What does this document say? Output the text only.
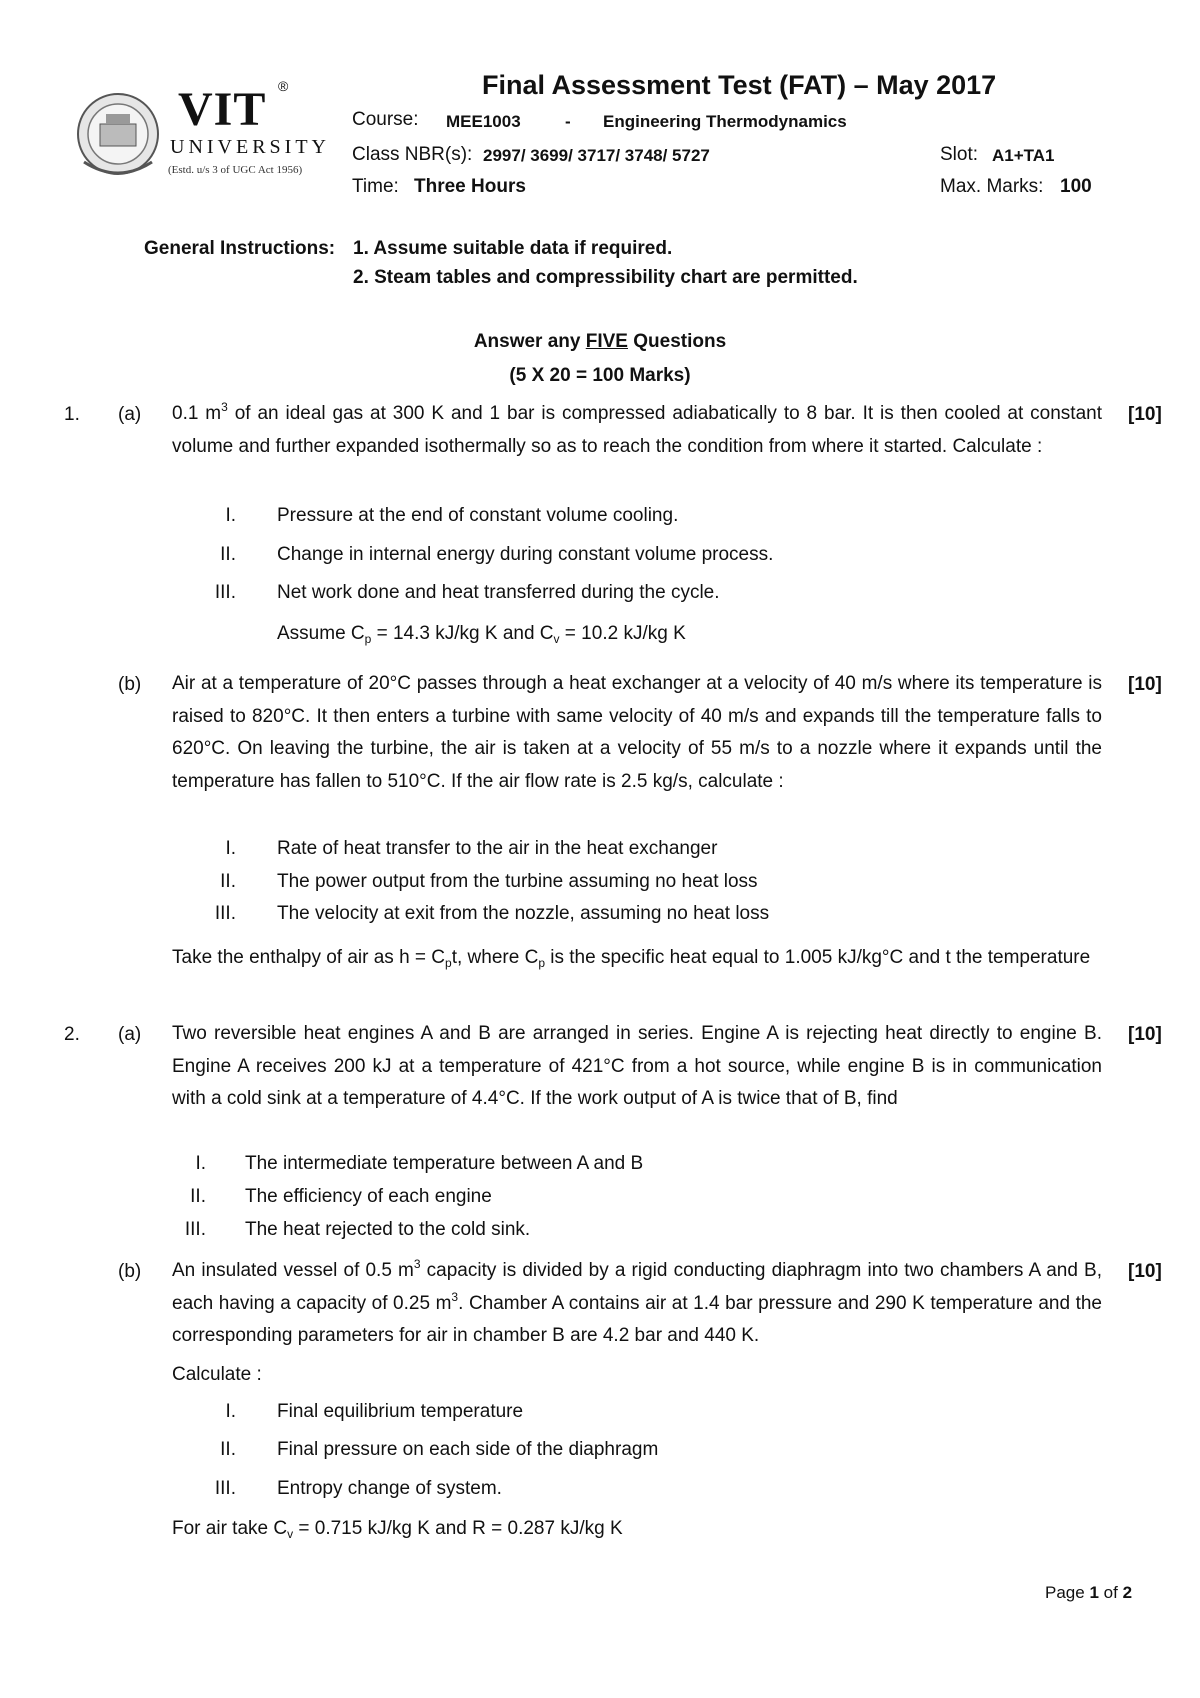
VIT ®
UNIVERSITY
(Estd. u/s 3 of UGC Act 1956)
Final Assessment Test (FAT) – May 2017
Course: MEE1003	- Engineering Thermodynamics
Class NBR(s): 2997/ 3699/ 3717/ 3748/ 5727	Slot: A1+TA1
Time: Three Hours	Max. Marks: 100
General Instructions: 1. Assume suitable data if required.
2. Steam tables and compressibility chart are permitted.
Answer any FIVE Questions
(5 X 20 = 100 Marks)
1. (a)	[10]
0.1 $m^3$ of an ideal gas at 300 K and 1 bar is compressed adiabatically to 8 bar. It is then cooled at constant volume and further expanded isothermally so as to reach the condition from where it started. Calculate :
I. Pressure at the end of constant volume cooling.
II. Change in internal energy during constant volume process.
III. Net work done and heat transferred during the cycle.
Assume $C_p = 14.3$ kJ/kg K and $C_v = 10.2$ kJ/kg K
(b)	[10]
Air at a temperature of 20°C passes through a heat exchanger at a velocity of 40 m/s where its temperature is raised to 820°C. It then enters a turbine with same velocity of 40 m/s and expands till the temperature falls to 620°C. On leaving the turbine, the air is taken at a velocity of 55 m/s to a nozzle where it expands until the temperature has fallen to 510°C. If the air flow rate is 2.5 kg/s, calculate :
I. Rate of heat transfer to the air in the heat exchanger
II. The power output from the turbine assuming no heat loss
III. The velocity at exit from the nozzle, assuming no heat loss
Take the enthalpy of air as $h = C_pt$, where $C_p$ is the specific heat equal to 1.005 kJ/kg°C and t the temperature
2. (a)	[10]
Two reversible heat engines A and B are arranged in series. Engine A is rejecting heat directly to engine B. Engine A receives 200 kJ at a temperature of 421°C from a hot source, while engine B is in communication with a cold sink at a temperature of 4.4°C. If the work output of A is twice that of B, find
I. The intermediate temperature between A and B
II. The efficiency of each engine
III. The heat rejected to the cold sink.
(b)	[10]
An insulated vessel of 0.5 $m^3$ capacity is divided by a rigid conducting diaphragm into two chambers A and B, each having a capacity of 0.25 $m^3$. Chamber A contains air at 1.4 bar pressure and 290 K temperature and the corresponding parameters for air in chamber B are 4.2 bar and 440 K.
Calculate :
I. Final equilibrium temperature
II. Final pressure on each side of the diaphragm
III. Entropy change of system.
For air take $C_v = 0.715$ kJ/kg K and R = 0.287 kJ/kg K
Page 1 of 2
